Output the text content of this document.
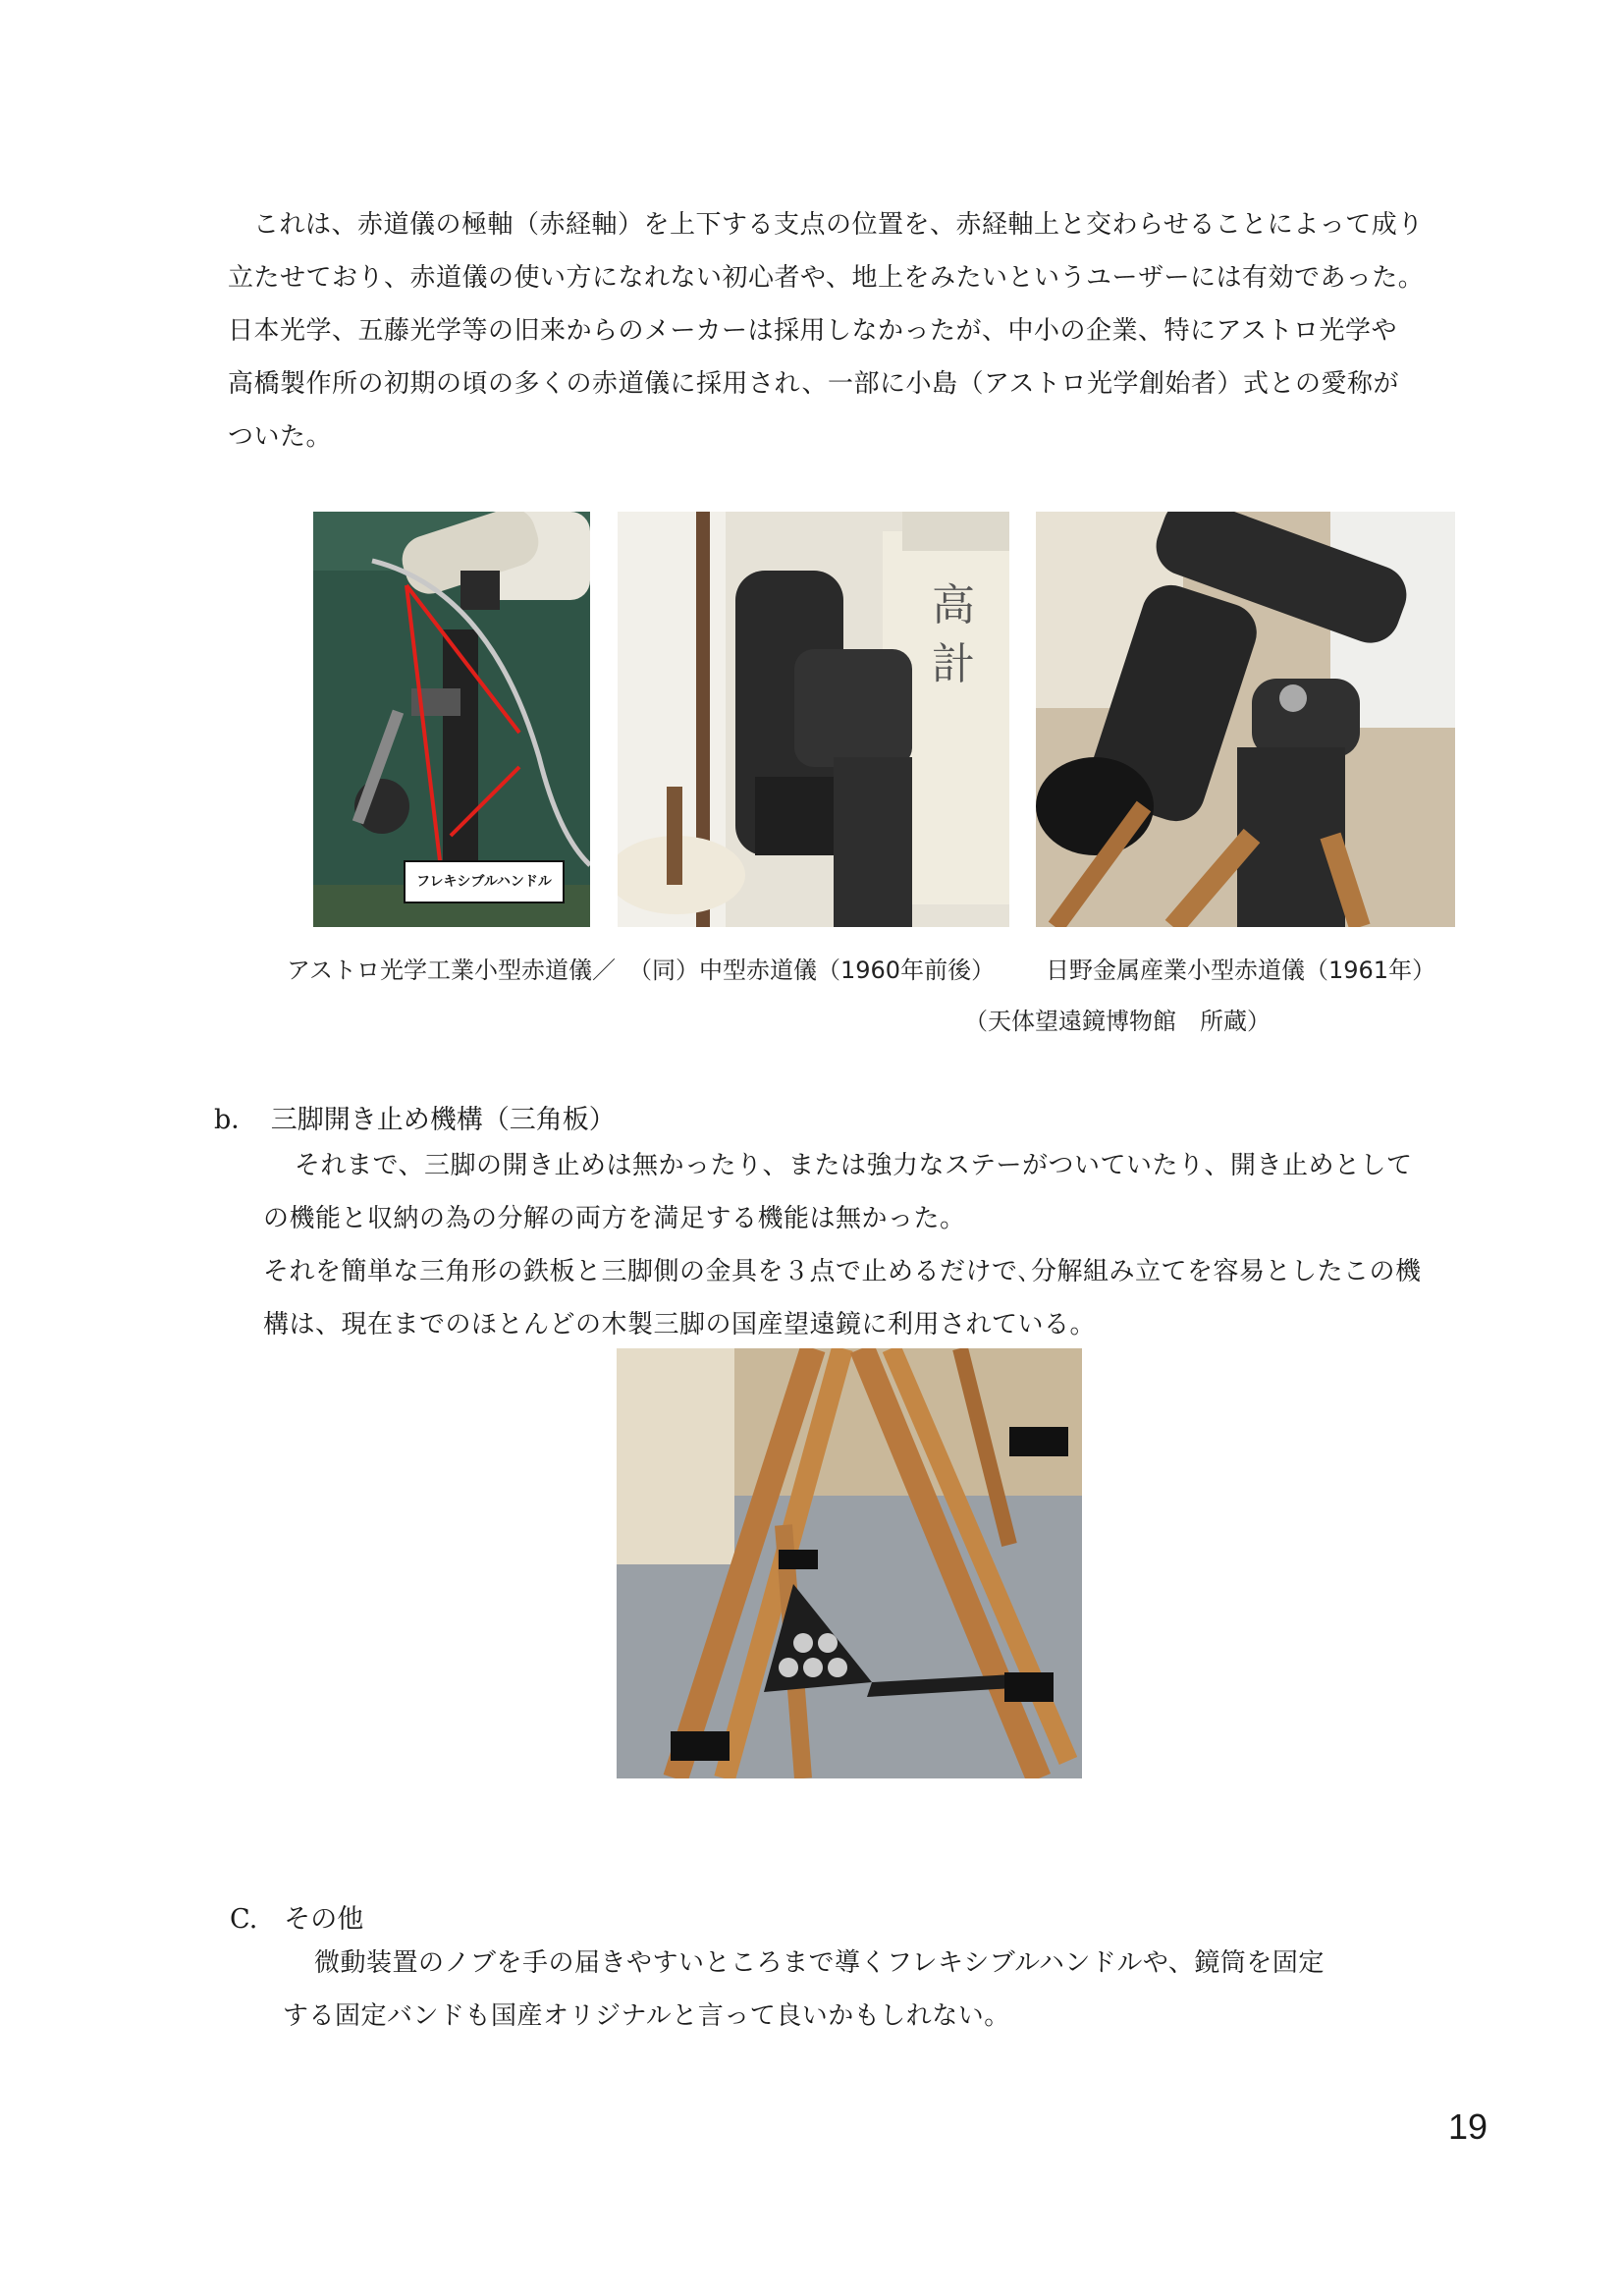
これは、赤道儀の極軸（赤経軸）を上下する支点の位置を、赤経軸上と交わらせることによって成り

立たせており、赤道儀の使い方になれない初心者や、地上をみたいというユーザーには有効であった。

日本光学、五藤光学等の旧来からのメーカーは採用しなかったが、中小の企業、特にアストロ光学や

高橋製作所の初期の頃の多くの赤道儀に採用され、一部に小島（アストロ光学創始者）式との愛称が

ついた。

フレキシブルハンドル
高
計
アストロ光学工業小型赤道儀／ （同）中型赤道儀（1960年前後） 日野金属産業小型赤道儀（1961年）
（天体望遠鏡博物館　所蔵）
b．　三脚開き止め機構（三角板）

それまで、三脚の開き止めは無かったり、または強力なステーがついていたり、開き止めとして

の機能と収納の為の分解の両方を満足する機能は無かった。

それを簡単な三角形の鉄板と三脚側の金具を３点で止めるだけで､分解組み立てを容易としたこの機

構は、現在までのほとんどの木製三脚の国産望遠鏡に利用されている。

C.　その他

微動装置のノブを手の届きやすいところまで導くフレキシブルハンドルや、鏡筒を固定

する固定バンドも国産オリジナルと言って良いかもしれない。

19
